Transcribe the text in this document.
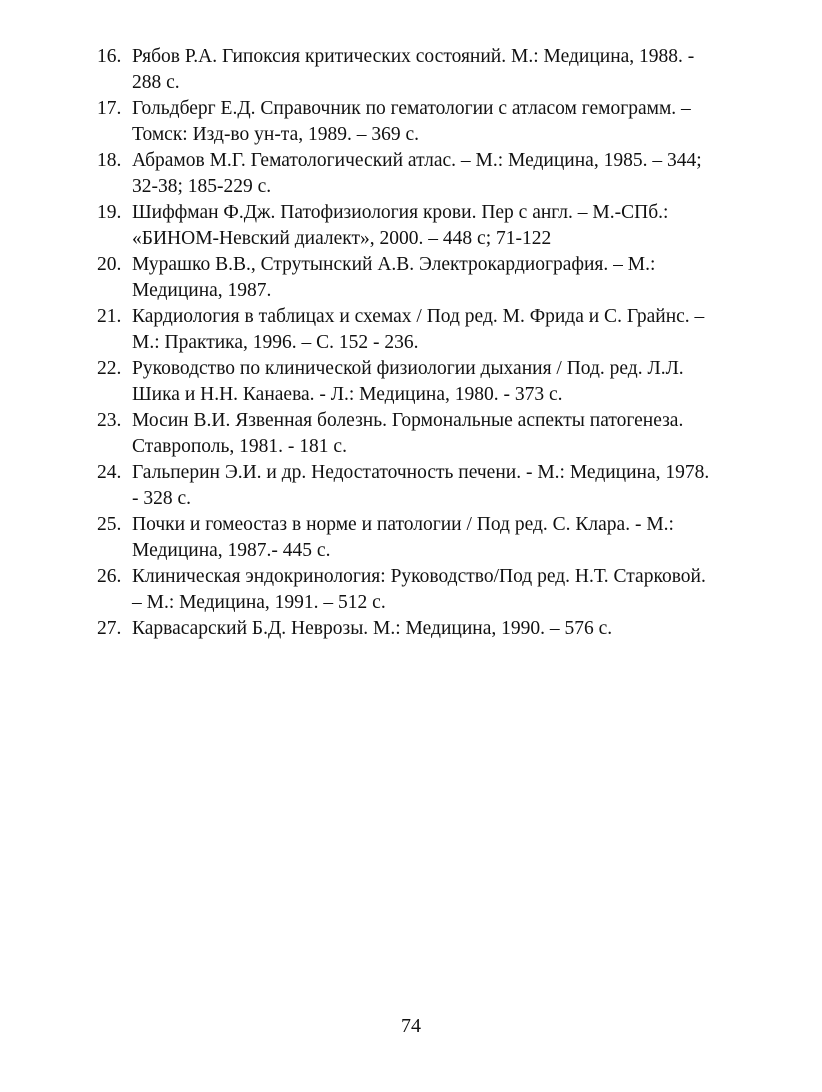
16. Рябов Р.А. Гипоксия критических состояний. М.: Медицина, 1988. - 288 с.
17. Гольдберг Е.Д. Справочник по гематологии с атласом гемограмм. – Томск: Изд-во ун-та, 1989. – 369 с.
18. Абрамов М.Г. Гематологический атлас. – М.: Медицина, 1985. – 344; 32-38; 185-229 с.
19. Шиффман Ф.Дж. Патофизиология крови. Пер с англ. – М.-СПб.: «БИНОМ-Невский диалект», 2000. – 448 с; 71-122
20. Мурашко В.В., Струтынский А.В. Электрокардиография. – М.: Медицина, 1987.
21. Кардиология в таблицах и схемах / Под ред. М. Фрида и С. Грайнс. – М.: Практика, 1996. – С. 152 - 236.
22. Руководство по клинической физиологии дыхания / Под. ред. Л.Л. Шика и Н.Н. Канаева. - Л.: Медицина, 1980. - 373 с.
23. Мосин В.И. Язвенная болезнь. Гормональные аспекты патогенеза. Ставрополь, 1981. - 181 с.
24. Гальперин Э.И. и др. Недостаточность печени. - М.: Медицина, 1978. - 328 с.
25. Почки и гомеостаз в норме и патологии / Под ред. С. Клара. - М.: Медицина, 1987.- 445 с.
26. Клиническая эндокринология: Руководство/Под ред. Н.Т. Старковой. – М.: Медицина, 1991. – 512 с.
27. Карвасарский Б.Д. Неврозы. М.: Медицина, 1990. – 576 с.
74
